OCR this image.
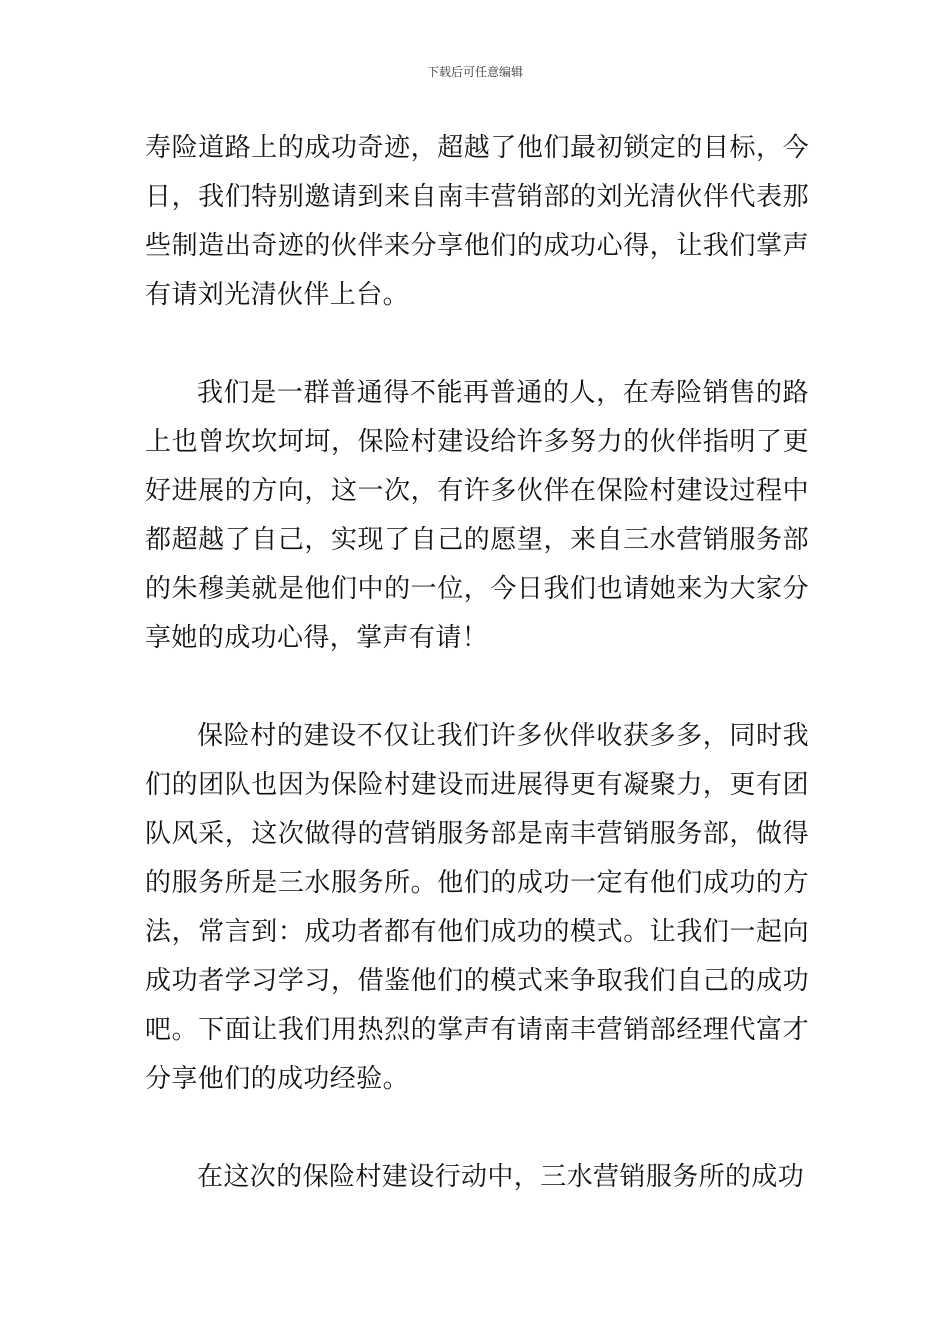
下载后可任意编辑

寿险道路上的成功奇迹，超越了他们最初锁定的目标，今日，我们特别邀请到来自南丰营销部的刘光清伙伴代表那些制造出奇迹的伙伴来分享他们的成功心得，让我们掌声有请刘光清伙伴上台。

我们是一群普通得不能再普通的人，在寿险销售的路上也曾坎坎坷坷，保险村建设给许多努力的伙伴指明了更好进展的方向，这一次，有许多伙伴在保险村建设过程中都超越了自己，实现了自己的愿望，来自三水营销服务部的朱穆美就是他们中的一位，今日我们也请她来为大家分享她的成功心得，掌声有请！

保险村的建设不仅让我们许多伙伴收获多多，同时我们的团队也因为保险村建设而进展得更有凝聚力，更有团队风采，这次做得的营销服务部是南丰营销服务部，做得的服务所是三水服务所。他们的成功一定有他们成功的方法，常言到：成功者都有他们成功的模式。让我们一起向成功者学习学习，借鉴他们的模式来争取我们自己的成功吧。下面让我们用热烈的掌声有请南丰营销部经理代富才分享他们的成功经验。

在这次的保险村建设行动中，三水营销服务所的成功
